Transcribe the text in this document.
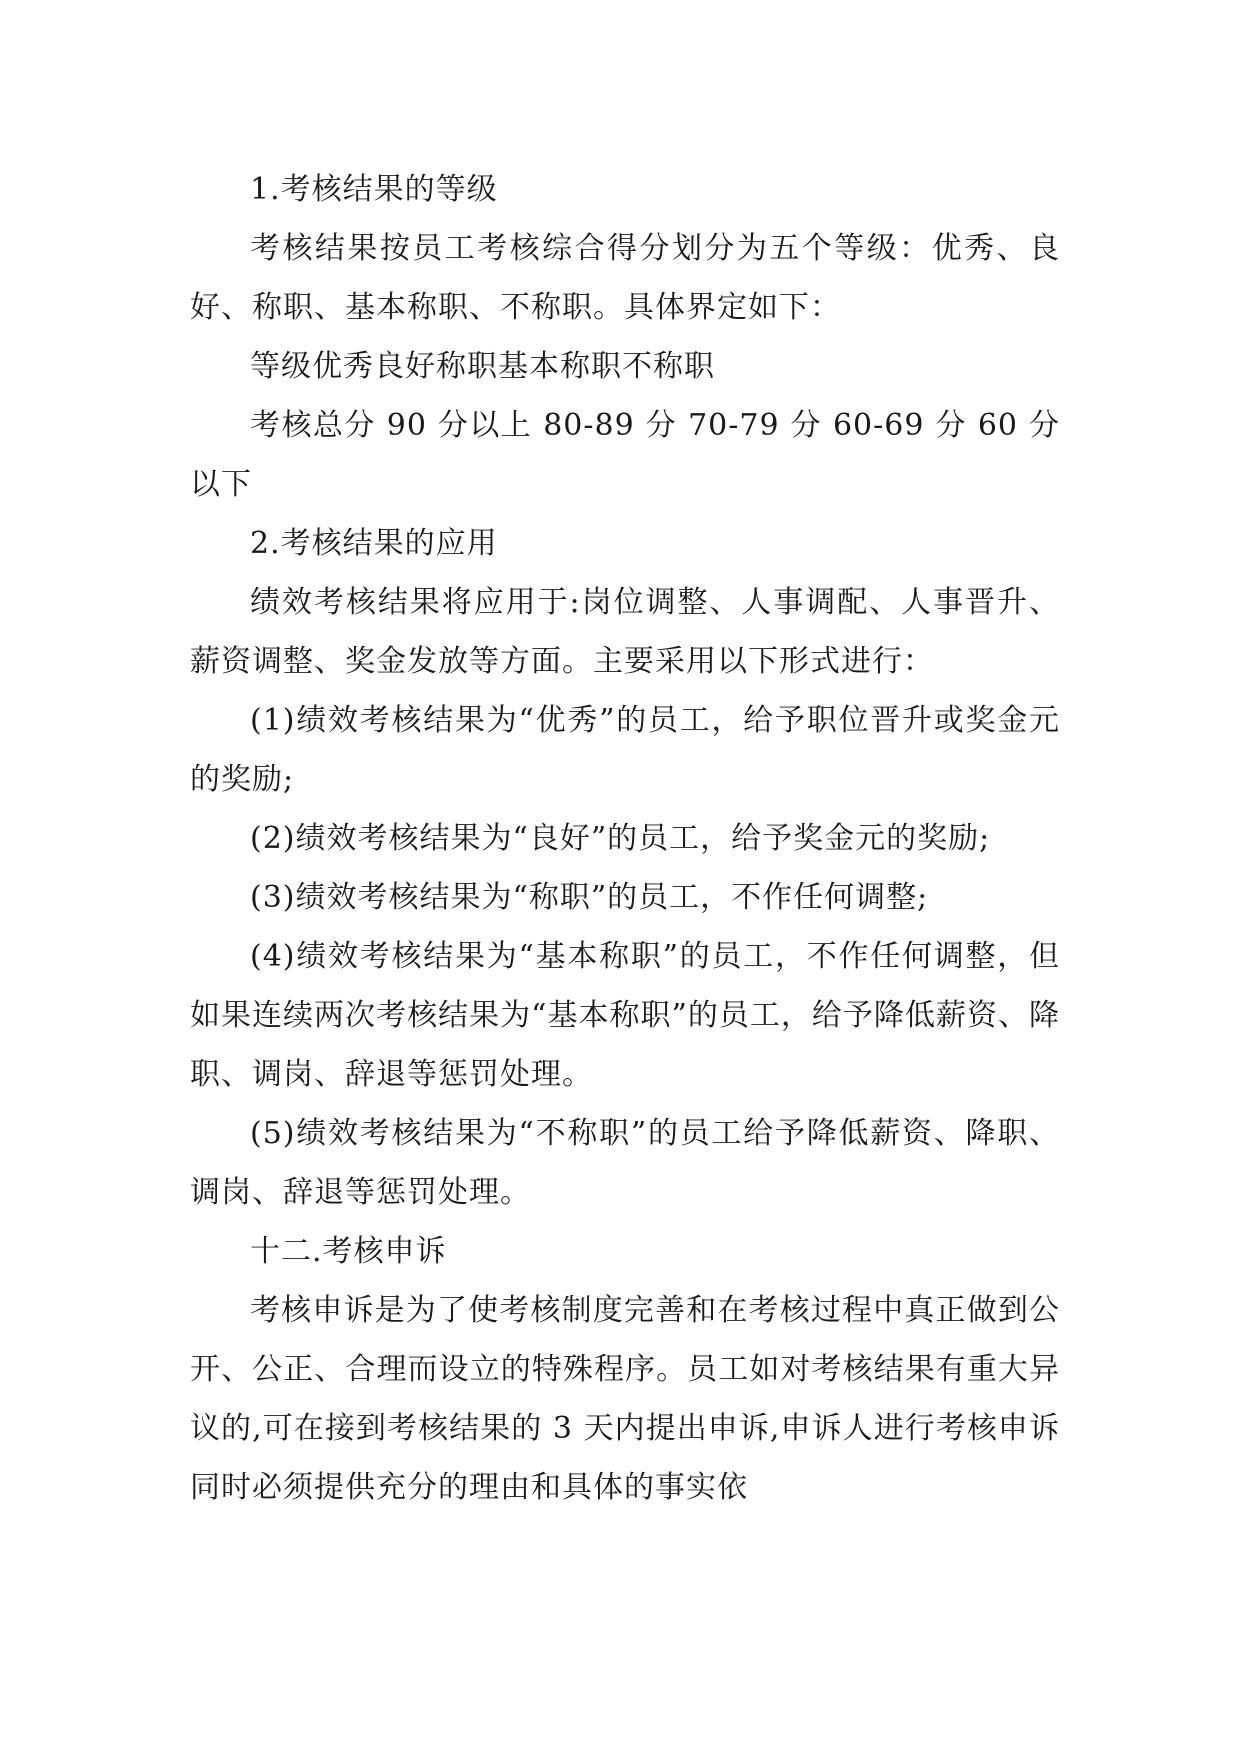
1.考核结果的等级

考核结果按员工考核综合得分划分为五个等级：优秀、良好、称职、基本称职、不称职。具体界定如下：

等级优秀良好称职基本称职不称职

考核总分 90 分以上 80-89 分 70-79 分 60-69 分 60 分以下

2.考核结果的应用

绩效考核结果将应用于:岗位调整、人事调配、人事晋升、薪资调整、奖金发放等方面。主要采用以下形式进行：

(1)绩效考核结果为“优秀”的员工，给予职位晋升或奖金元的奖励;

(2)绩效考核结果为“良好”的员工，给予奖金元的奖励;

(3)绩效考核结果为“称职”的员工，不作任何调整;

(4)绩效考核结果为“基本称职”的员工，不作任何调整，但如果连续两次考核结果为“基本称职”的员工，给予降低薪资、降职、调岗、辞退等惩罚处理。

(5)绩效考核结果为“不称职”的员工给予降低薪资、降职、调岗、辞退等惩罚处理。

十二.考核申诉

考核申诉是为了使考核制度完善和在考核过程中真正做到公开、公正、合理而设立的特殊程序。员工如对考核结果有重大异议的,可在接到考核结果的 3 天内提出申诉,申诉人进行考核申诉同时必须提供充分的理由和具体的事实依
